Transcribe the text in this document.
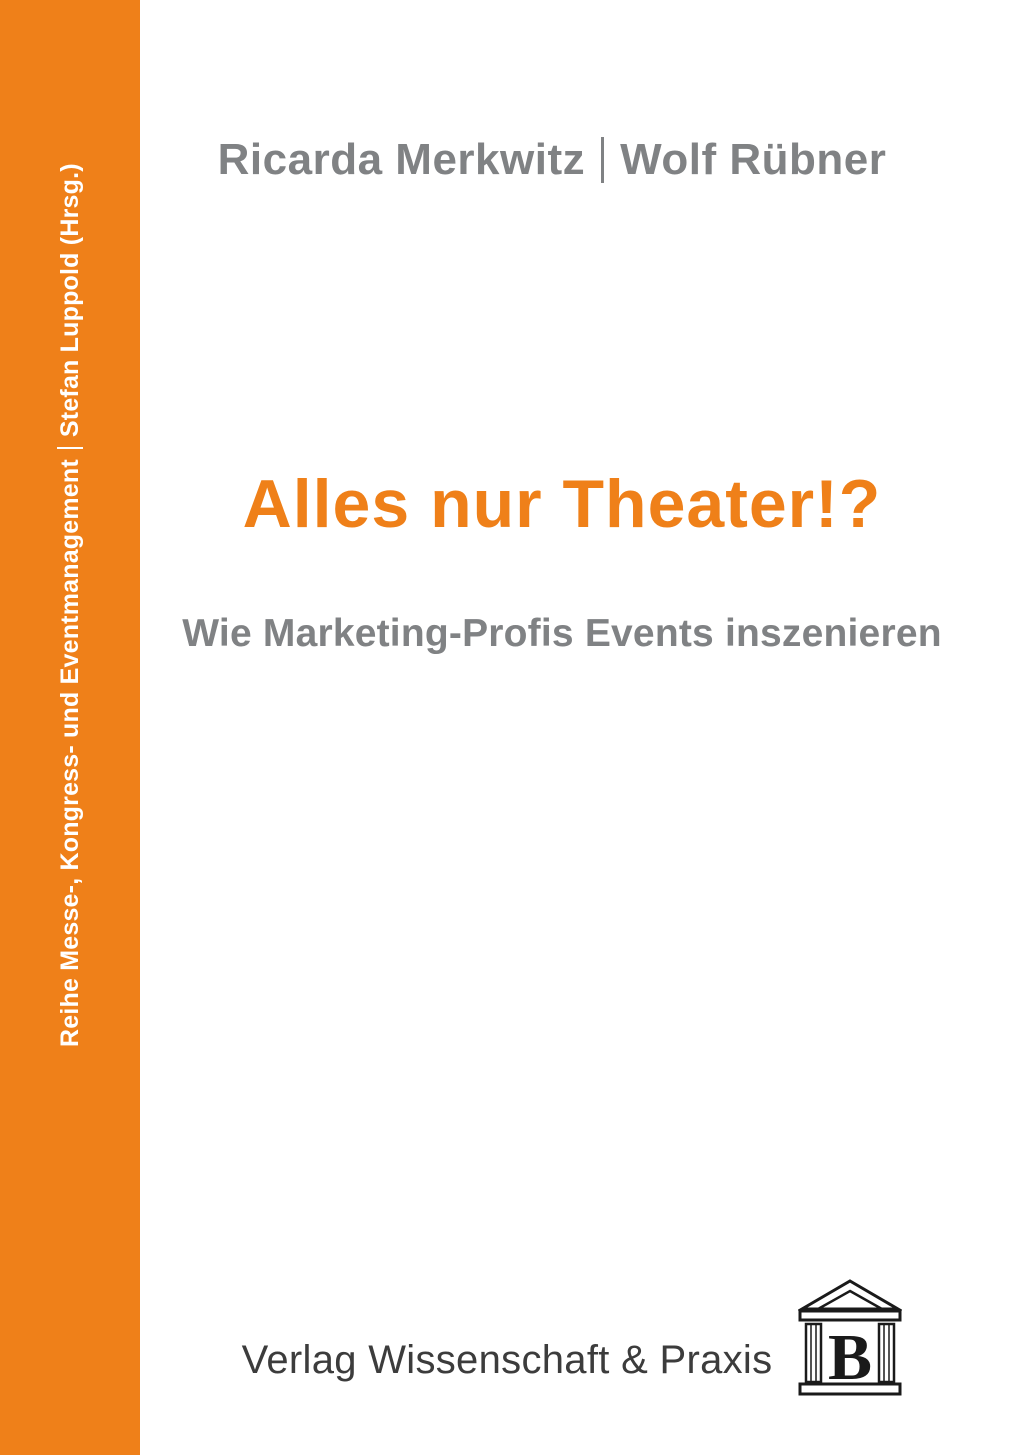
Reihe Messe-, Kongress- und Eventmanagement
Stefan Luppold (Hrsg.)
Ricarda Merkwitz Wolf Rübner
Alles nur Theater!?
Wie Marketing-Profis Events inszenieren
Verlag Wissenschaft & Praxis B
